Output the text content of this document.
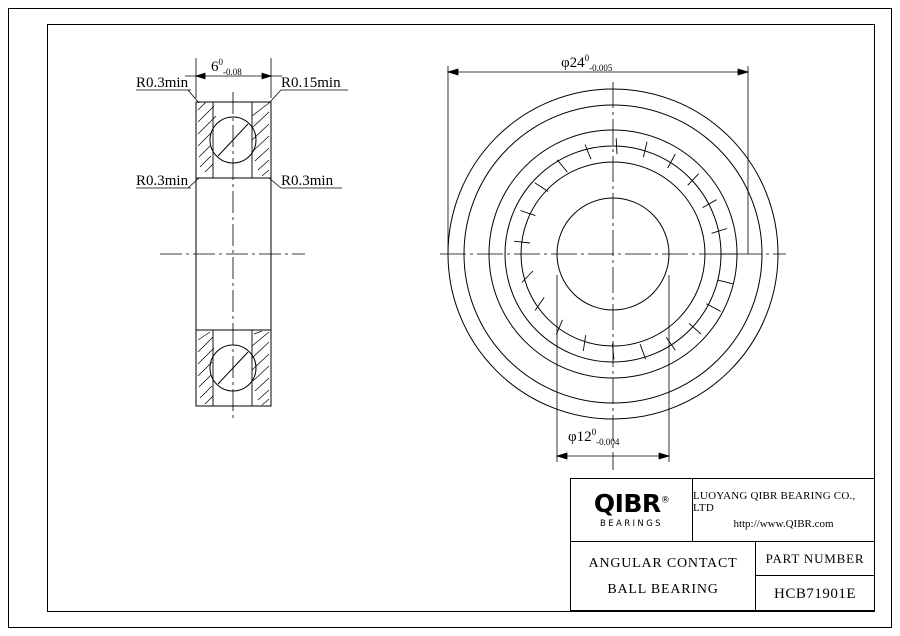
$6^0_{-0.08}$
R0.3min	R0.15min
R0.3min	R0.3min
$\varphi 24^0_{-0.005}$
$\varphi 12^0_{-0.004}$
QIBR®
BEARINGS
LUOYANG QIBR BEARING CO., LTD
http://www.QIBR.com
ANGULAR CONTACT
BALL BEARING
PART NUMBER
HCB71901E
